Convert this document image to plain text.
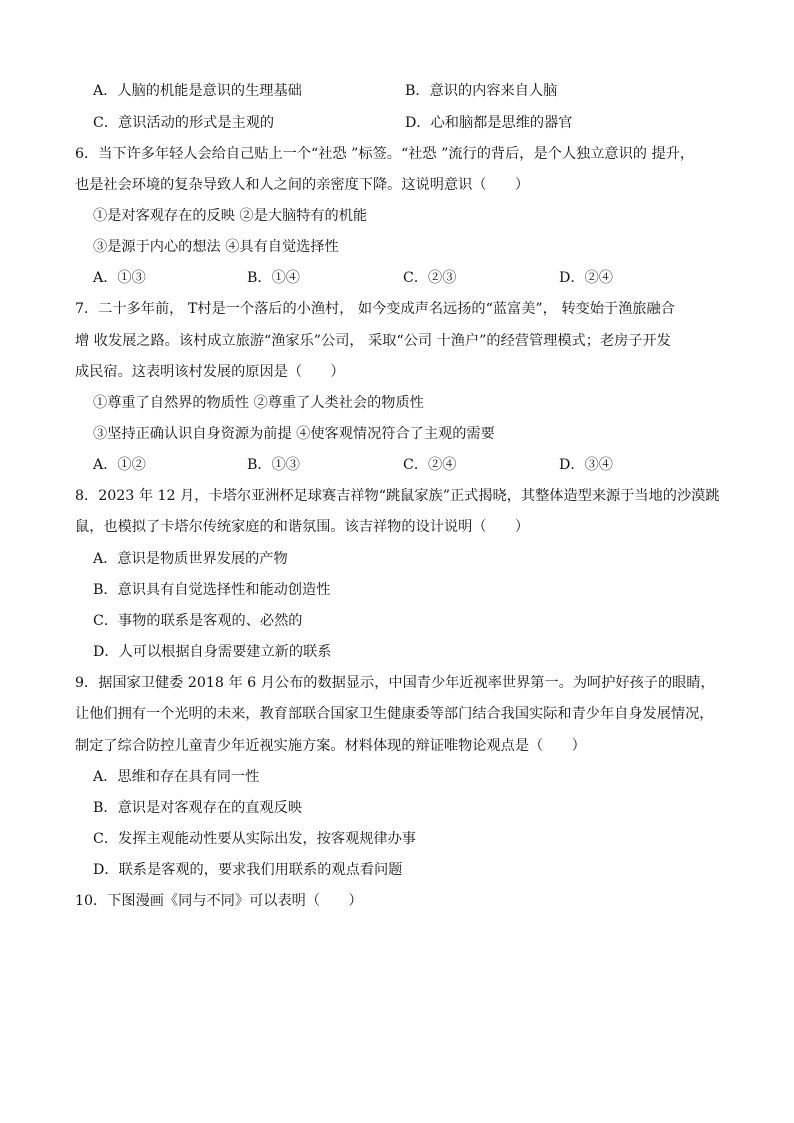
A．人脑的机能是意识的生理基础	B．意识的内容来自人脑
C．意识活动的形式是主观的	D．心和脑都是思维的器官
6．当下许多年轻人会给自己贴上一个“社恐 ”标签。“社恐 ”流行的背后，是个人独立意识的 提升，
也是社会环境的复杂导致人和人之间的亲密度下降。这说明意识（　　）
①是对客观存在的反映 ②是大脑特有的机能
③是源于内心的想法 ④具有自觉选择性
A．①③	B．①④	C．②③	D．②④
7．二十多年前， T村是一个落后的小渔村， 如今变成声名远扬的“蓝富美”， 转变始于渔旅融合
增 收发展之路。该村成立旅游“渔家乐”公司， 采取“公司 十渔户”的经营管理模式；老房子开发
成民宿。这表明该村发展的原因是（　　）
①尊重了自然界的物质性 ②尊重了人类社会的物质性
③坚持正确认识自身资源为前提 ④使客观情况符合了主观的需要
A．①②	B．①③	C．②④	D．③④
8．2023 年 12 月，卡塔尔亚洲杯足球赛吉祥物“跳鼠家族”正式揭晓，其整体造型来源于当地的沙漠跳
鼠，也模拟了卡塔尔传统家庭的和谐氛围。该吉祥物的设计说明（　　）
A．意识是物质世界发展的产物
B．意识具有自觉选择性和能动创造性
C．事物的联系是客观的、必然的
D．人可以根据自身需要建立新的联系
9．据国家卫健委 2018 年 6 月公布的数据显示，中国青少年近视率世界第一。为呵护好孩子的眼睛，
让他们拥有一个光明的未来，教育部联合国家卫生健康委等部门结合我国实际和青少年自身发展情况，
制定了综合防控儿童青少年近视实施方案。材料体现的辩证唯物论观点是（　　）
A．思维和存在具有同一性
B．意识是对客观存在的直观反映
C．发挥主观能动性要从实际出发，按客观规律办事
D．联系是客观的，要求我们用联系的观点看问题
10．下图漫画《同与不同》可以表明（　　）
